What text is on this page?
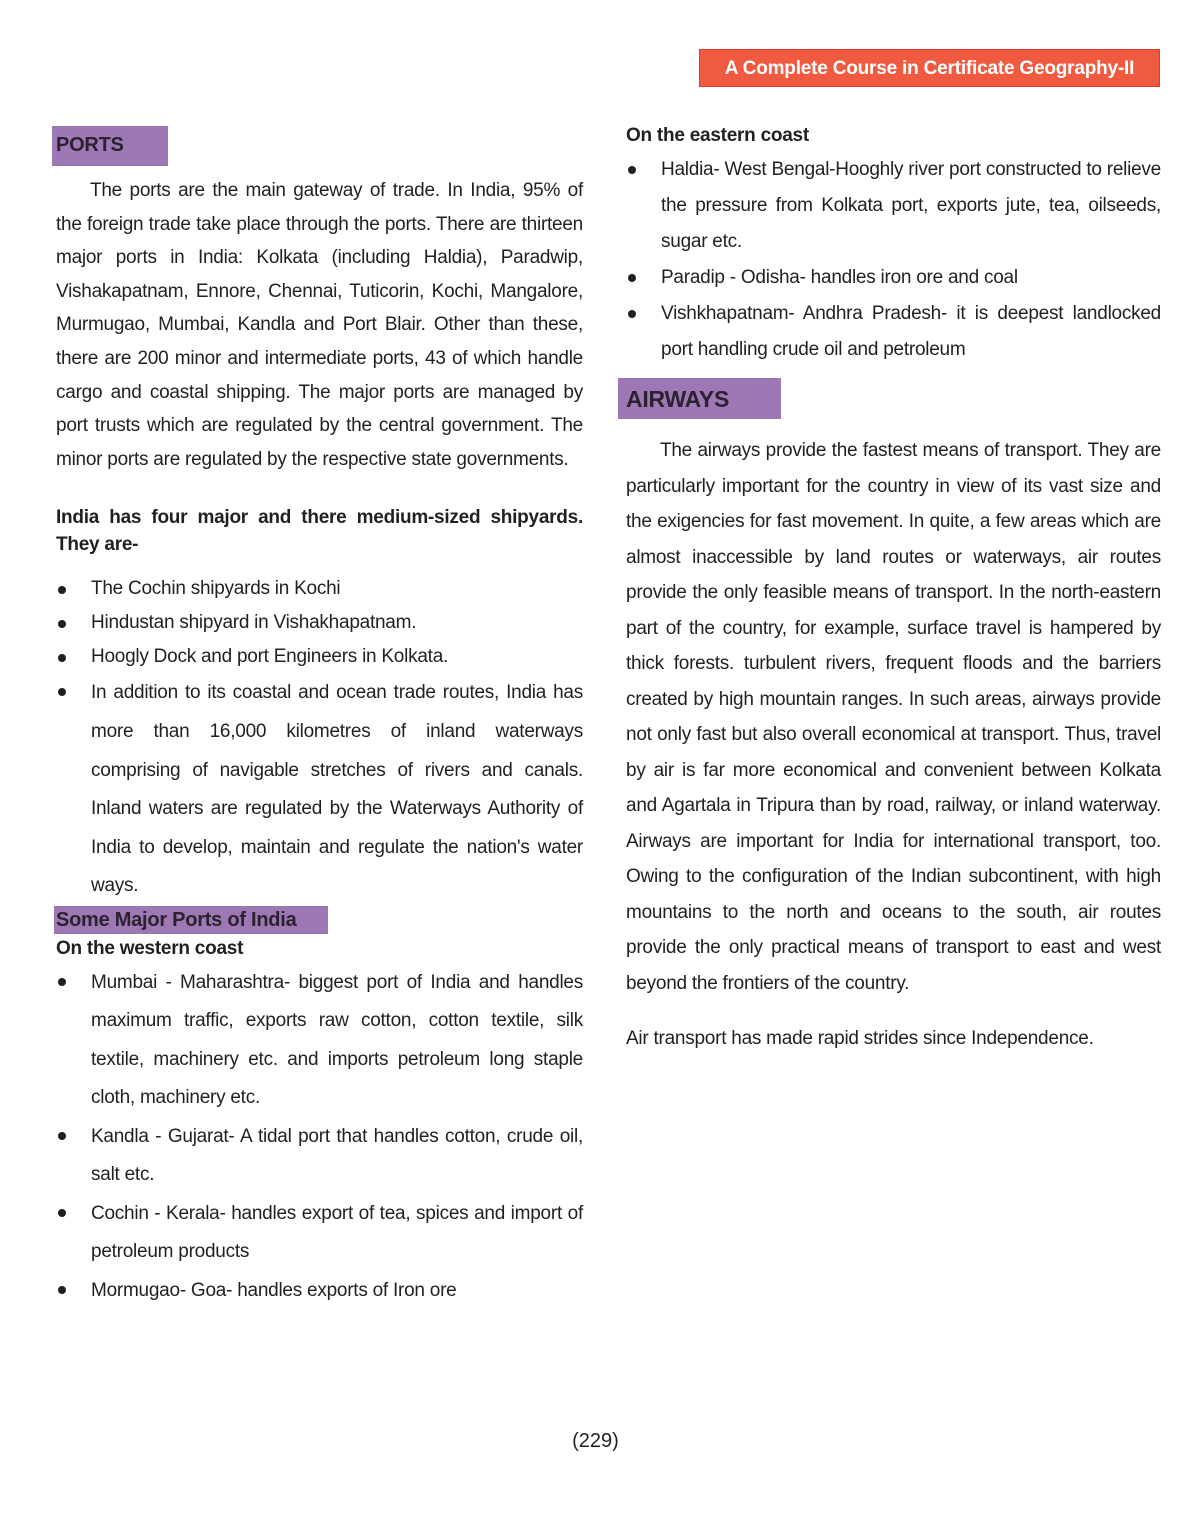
A Complete Course in Certificate Geography-II
PORTS

The ports are the main gateway of trade. In India, 95% of the foreign trade take place through the ports. There are thirteen major ports in India: Kolkata (including Haldia), Paradwip, Vishakapatnam, Ennore, Chennai, Tuticorin, Kochi, Mangalore, Murmugao, Mumbai, Kandla and Port Blair. Other than these, there are 200 minor and intermediate ports, 43 of which handle cargo and coastal shipping. The major ports are managed by port trusts which are regulated by the central government. The minor ports are regulated by the respective state governments.

India has four major and there medium-sized shipyards. They are-

The Cochin shipyards in Kochi
Hindustan shipyard in Vishakhapatnam.
Hoogly Dock and port Engineers in Kolkata.
In addition to its coastal and ocean trade routes, India has more than 16,000 kilometres of inland waterways comprising of navigable stretches of rivers and canals. Inland waters are regulated by the Waterways Authority of India to develop, maintain and regulate the nation's water ways.
Some Major Ports of India
On the western coast
Mumbai - Maharashtra- biggest port of India and handles maximum traffic, exports raw cotton, cotton textile, silk textile, machinery etc. and imports petroleum long staple cloth, machinery etc.
Kandla - Gujarat- A tidal port that handles cotton, crude oil, salt etc.
Cochin - Kerala- handles export of tea, spices and import of petroleum products
Mormugao- Goa- handles exports of Iron ore
On the eastern coast
Haldia- West Bengal-Hooghly river port constructed to relieve the pressure from Kolkata port, exports jute, tea, oilseeds, sugar etc.
Paradip - Odisha- handles iron ore and coal
Vishkhapatnam- Andhra Pradesh- it is deepest landlocked port handling crude oil and petroleum
AIRWAYS

The airways provide the fastest means of transport. They are particularly important for the country in view of its vast size and the exigencies for fast movement. In quite, a few areas which are almost inaccessible by land routes or waterways, air routes provide the only feasible means of transport. In the north-eastern part of the country, for example, surface travel is hampered by thick forests. turbulent rivers, frequent floods and the barriers created by high mountain ranges. In such areas, airways provide not only fast but also overall economical at transport. Thus, travel by air is far more economical and convenient between Kolkata and Agartala in Tripura than by road, railway, or inland waterway. Airways are important for India for international transport, too. Owing to the configuration of the Indian subcontinent, with high mountains to the north and oceans to the south, air routes provide the only practical means of transport to east and west beyond the frontiers of the country.

Air transport has made rapid strides since Independence.

(229)
